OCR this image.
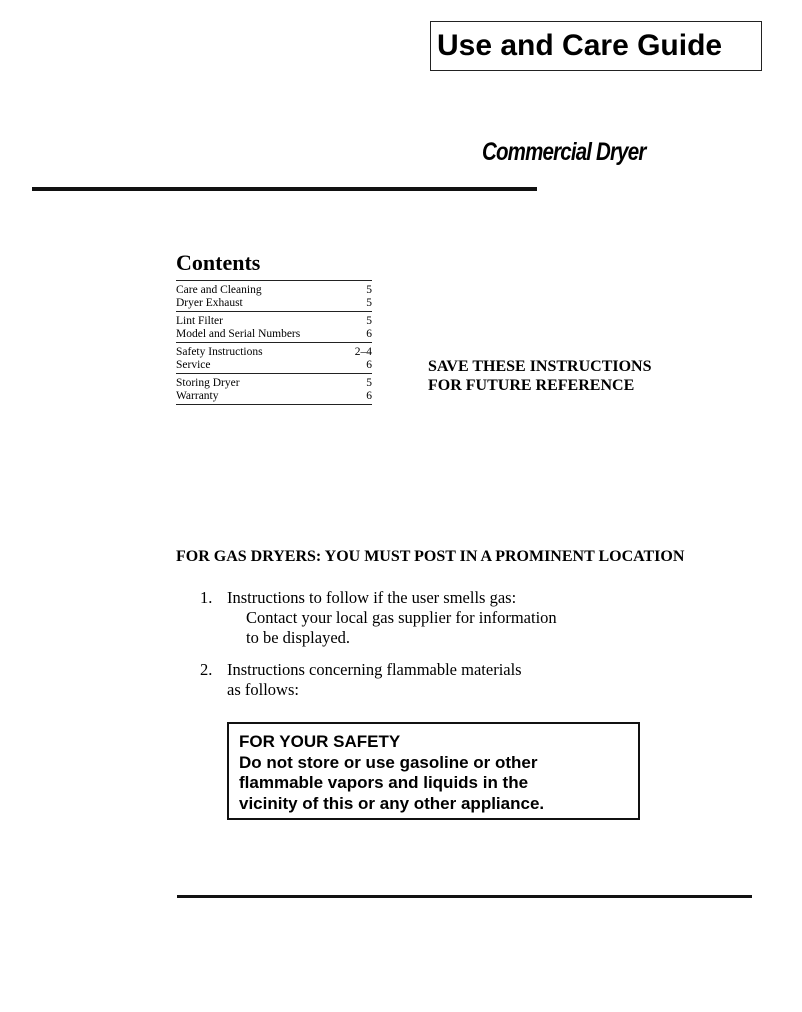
Use and Care Guide
Commercial Dryer
Contents
Care and Cleaning	5
Dryer Exhaust	5
Lint Filter	5
Model and Serial Numbers	6
Safety Instructions	2–4
Service	6
Storing Dryer	5
Warranty	6
SAVE THESE INSTRUCTIONS
FOR FUTURE REFERENCE
FOR GAS DRYERS: YOU MUST POST IN A PROMINENT LOCATION
1. Instructions to follow if the user smells gas:
Contact your local gas supplier for information
to be displayed.
2. Instructions concerning flammable materials
as follows:
FOR YOUR SAFETY
Do not store or use gasoline or other
flammable vapors and liquids in the
vicinity of this or any other appliance.
